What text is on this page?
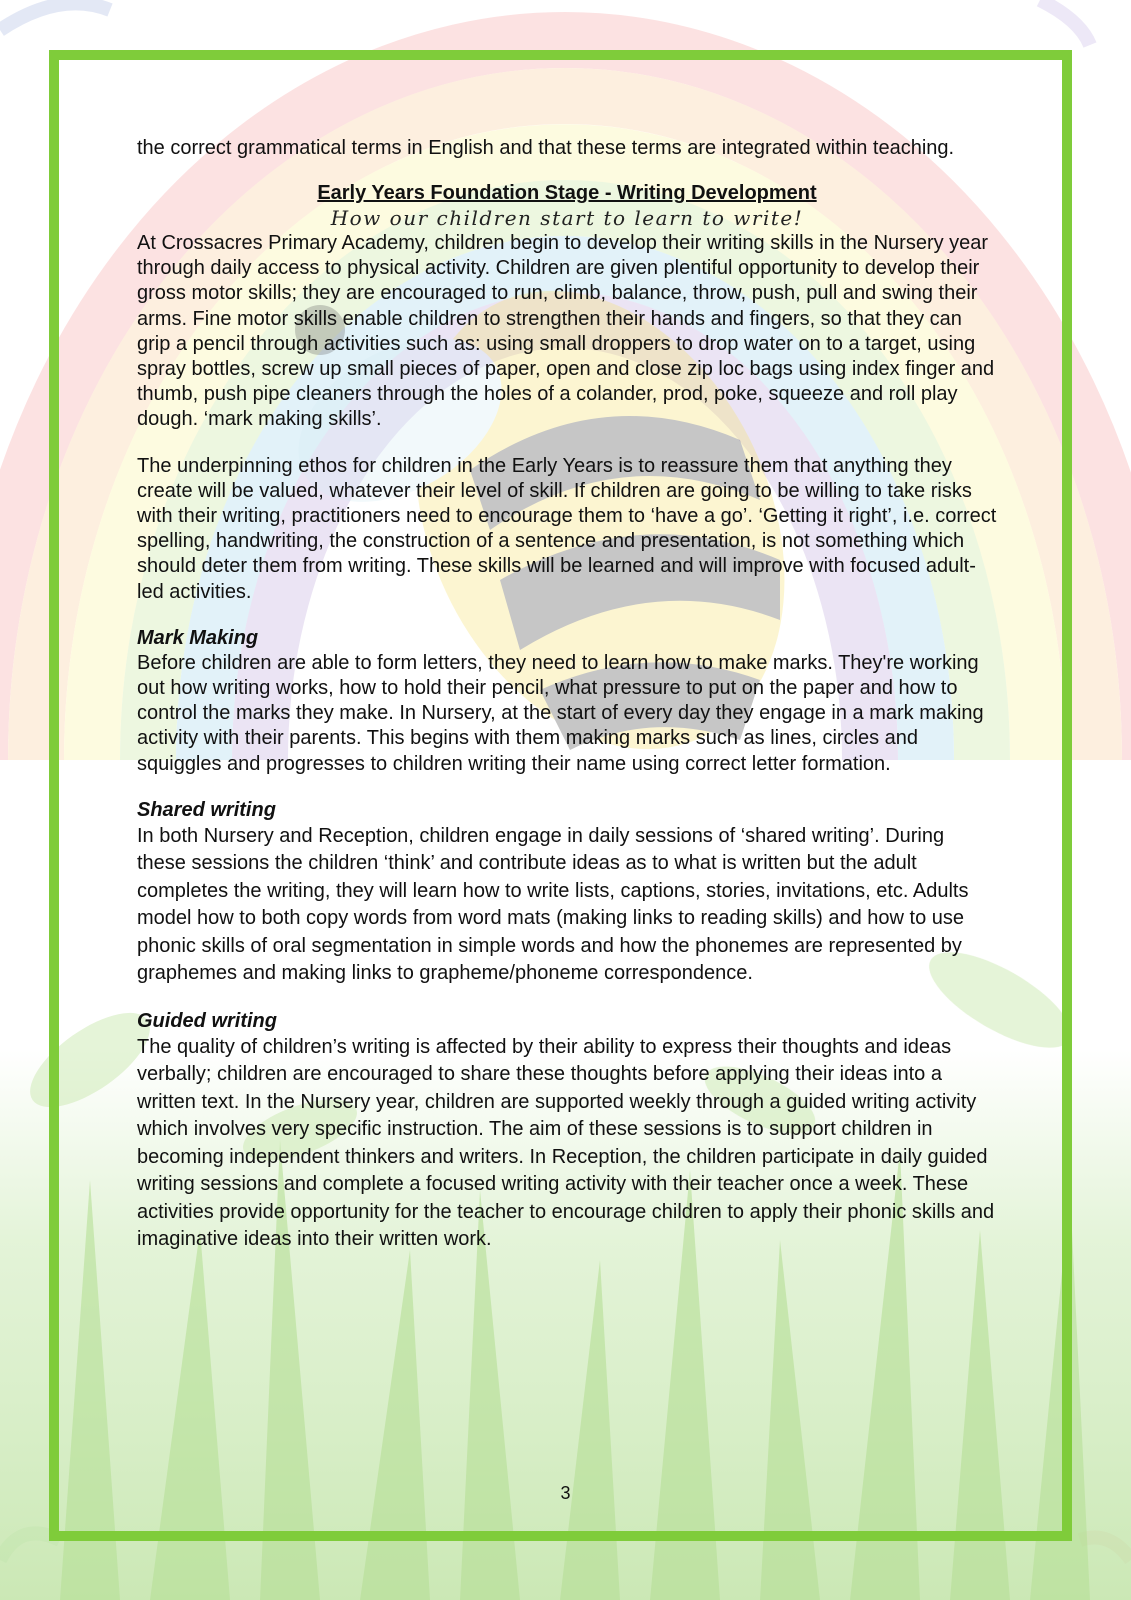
the correct grammatical terms in English and that these terms are integrated within teaching.

Early Years Foundation Stage - Writing Development

How our children start to learn to write!

At Crossacres Primary Academy, children begin to develop their writing skills in the Nursery year through daily access to physical activity. Children are given plentiful opportunity to develop their gross motor skills; they are encouraged to run, climb, balance, throw, push, pull and swing their arms. Fine motor skills enable children to strengthen their hands and fingers, so that they can grip a pencil through activities such as: using small droppers to drop water on to a target, using spray bottles, screw up small pieces of paper, open and close zip loc bags using index finger and thumb, push pipe cleaners through the holes of a colander, prod, poke, squeeze and roll play dough. ‘mark making skills’.

The underpinning ethos for children in the Early Years is to reassure them that anything they create will be valued, whatever their level of skill. If children are going to be willing to take risks with their writing, practitioners need to encourage them to ‘have a go’. ‘Getting it right’, i.e. correct spelling, handwriting, the construction of a sentence and presentation, is not something which should deter them from writing. These skills will be learned and will improve with focused adult-led activities.

Mark Making

Before children are able to form letters, they need to learn how to make marks. They're working out how writing works, how to hold their pencil, what pressure to put on the paper and how to control the marks they make. In Nursery, at the start of every day they engage in a mark making activity with their parents. This begins with them making marks such as lines, circles and squiggles and progresses to children writing their name using correct letter formation.

Shared writing

In both Nursery and Reception, children engage in daily sessions of ‘shared writing’. During these sessions the children ‘think’ and contribute ideas as to what is written but the adult completes the writing, they will learn how to write lists, captions, stories, invitations, etc. Adults model how to both copy words from word mats (making links to reading skills) and how to use phonic skills of oral segmentation in simple words and how the phonemes are represented by graphemes and making links to grapheme/phoneme correspondence.

Guided writing

The quality of children’s writing is affected by their ability to express their thoughts and ideas verbally; children are encouraged to share these thoughts before applying their ideas into a written text. In the Nursery year, children are supported weekly through a guided writing activity which involves very specific instruction. The aim of these sessions is to support children in becoming independent thinkers and writers. In Reception, the children participate in daily guided writing sessions and complete a focused writing activity with their teacher once a week. These activities provide opportunity for the teacher to encourage children to apply their phonic skills and imaginative ideas into their written work.

3
